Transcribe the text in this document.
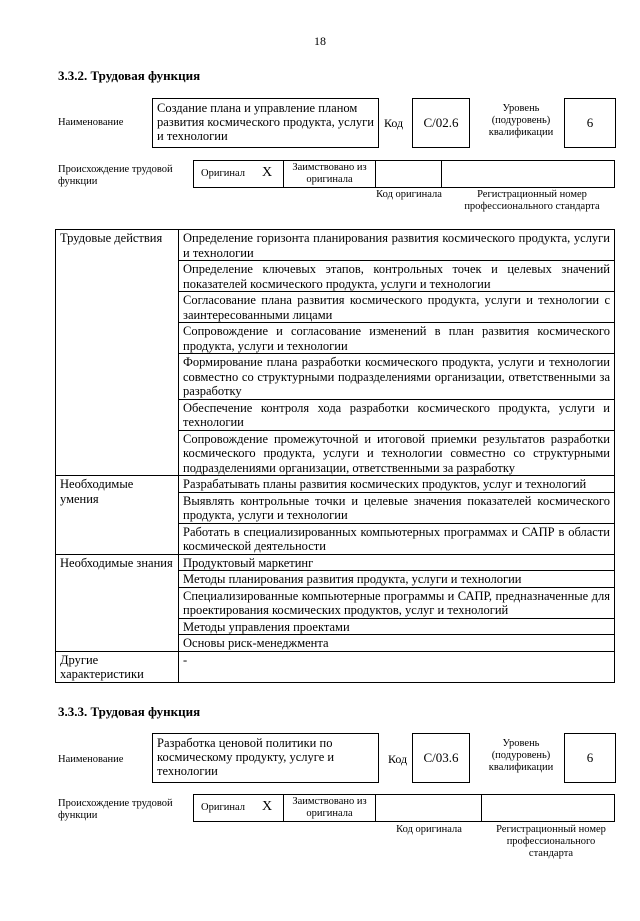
18
3.3.2. Трудовая функция
Наименование
Создание плана и управление планом развития космического продукта, услуги и технологии
Код	С/02.6
Уровень (подуровень) квалификации
6
Происхождение трудовой функции
Оригинал X	Заимствовано из оригинала
Код оригинала	Регистрационный номер профессионального стандарта
Трудовые действия	Определение горизонта планирования развития космического продукта, услуги и технологии
	Определение ключевых этапов, контрольных точек и целевых значений показателей космического продукта, услуги и технологии
	Согласование плана развития космического продукта, услуги и технологии с заинтересованными лицами
	Сопровождение и согласование изменений в план развития космического продукта, услуги и технологии
	Формирование плана разработки космического продукта, услуги и технологии совместно со структурными подразделениями организации, ответственными за разработку
	Обеспечение контроля хода разработки космического продукта, услуги и технологии
	Сопровождение промежуточной и итоговой приемки результатов разработки космического продукта, услуги и технологии совместно со структурными подразделениями организации, ответственными за разработку
Необходимые умения	Разрабатывать планы развития космических продуктов, услуг и технологий
	Выявлять контрольные точки и целевые значения показателей космического продукта, услуги и технологии
	Работать в специализированных компьютерных программах и САПР в области космической деятельности
Необходимые знания	Продуктовый маркетинг
	Методы планирования развития продукта, услуги и технологии
	Специализированные компьютерные программы и САПР, предназначенные для проектирования космических продуктов, услуг и технологий
	Методы управления проектами
	Основы риск-менеджмента
Другие характеристики	-
3.3.3. Трудовая функция
Наименование
Разработка ценовой политики по космическому продукту, услуге и технологии
Код	С/03.6
Уровень (подуровень) квалификации
6
Происхождение трудовой функции
Оригинал X	Заимствовано из оригинала
Код оригинала	Регистрационный номер профессионального стандарта
